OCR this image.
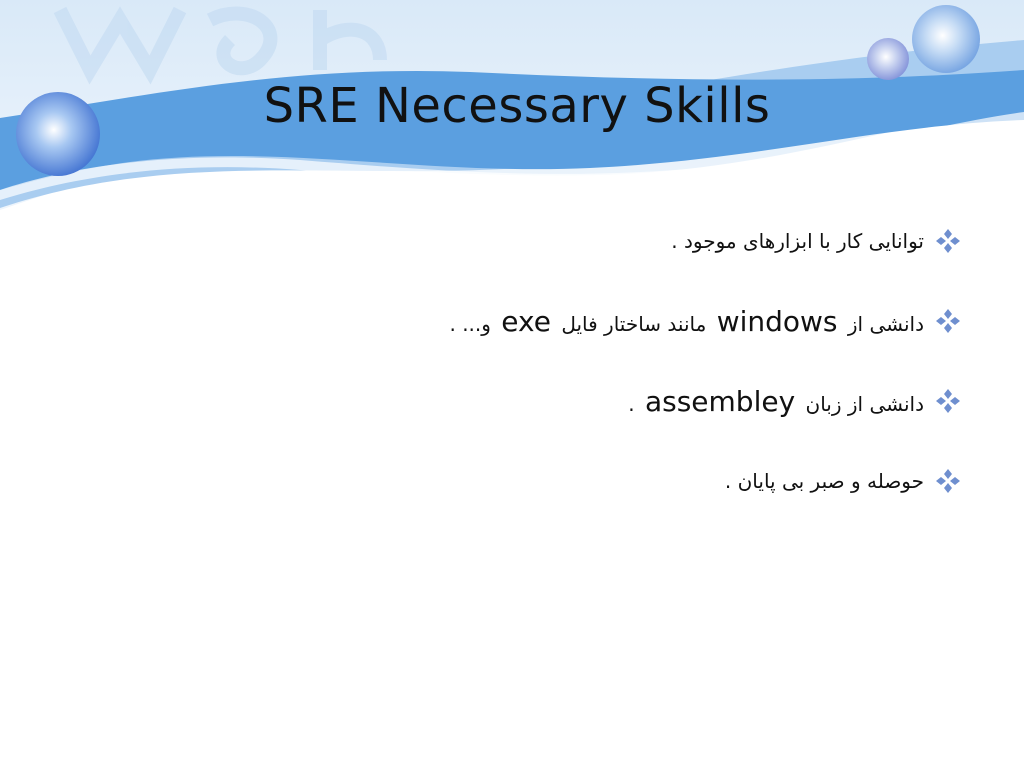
SRE Necessary Skills
توانایی کار با ابزارهای موجود .
دانشی از windows مانند ساختار فایل exe و... .
دانشی از زبان assembley .
حوصله و صبر بی پایان .
